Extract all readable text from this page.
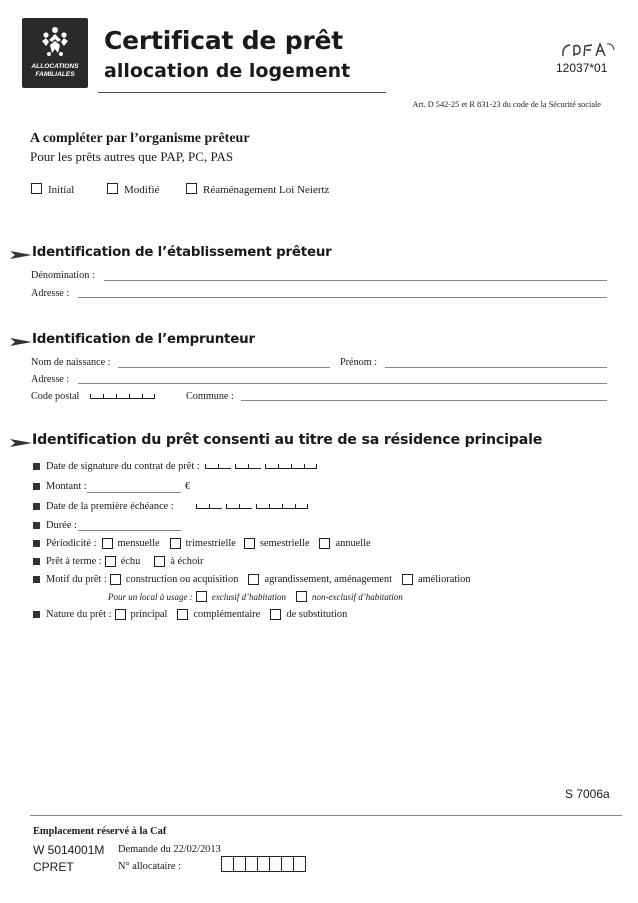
ALLOCATIONS
FAMILIALES
Certificat de prêt
allocation de logement	12037*01
Art. D 542-25 et R 831-23 du code de la Sécurité sociale
A compléter par l’organisme prêteur
Pour les prêts autres que PAP, PC, PAS
Initial	Modifié	Réaménagement Loi Neiertz
Identification de l’établissement prêteur
Dénomination :
Adresse :
Identification de l’emprunteur
Nom de naissance :	Prénom :
Adresse :
Code postal	Commune :
Identification du prêt consenti au titre de sa résidence principale
Date de signature du contrat de prêt :
Montant :	€
Date de la première échéance :
Durée :
Périodicité : mensuelle	trimestrielle semestrielle	annuelle
Prêt à terme : échu	à échoir
Motif du prêt : construction ou acquisition	agrandissement, aménagement	amélioration
Pour un local à usage : exclusif d’habitation	non-exclusif d’habitation
Nature du prêt : principal	complémentaire	de substitution
S 7006a
Emplacement réservé à la Caf
W 5014001M Demande du 22/02/2013
CPRET	N° allocataire :
